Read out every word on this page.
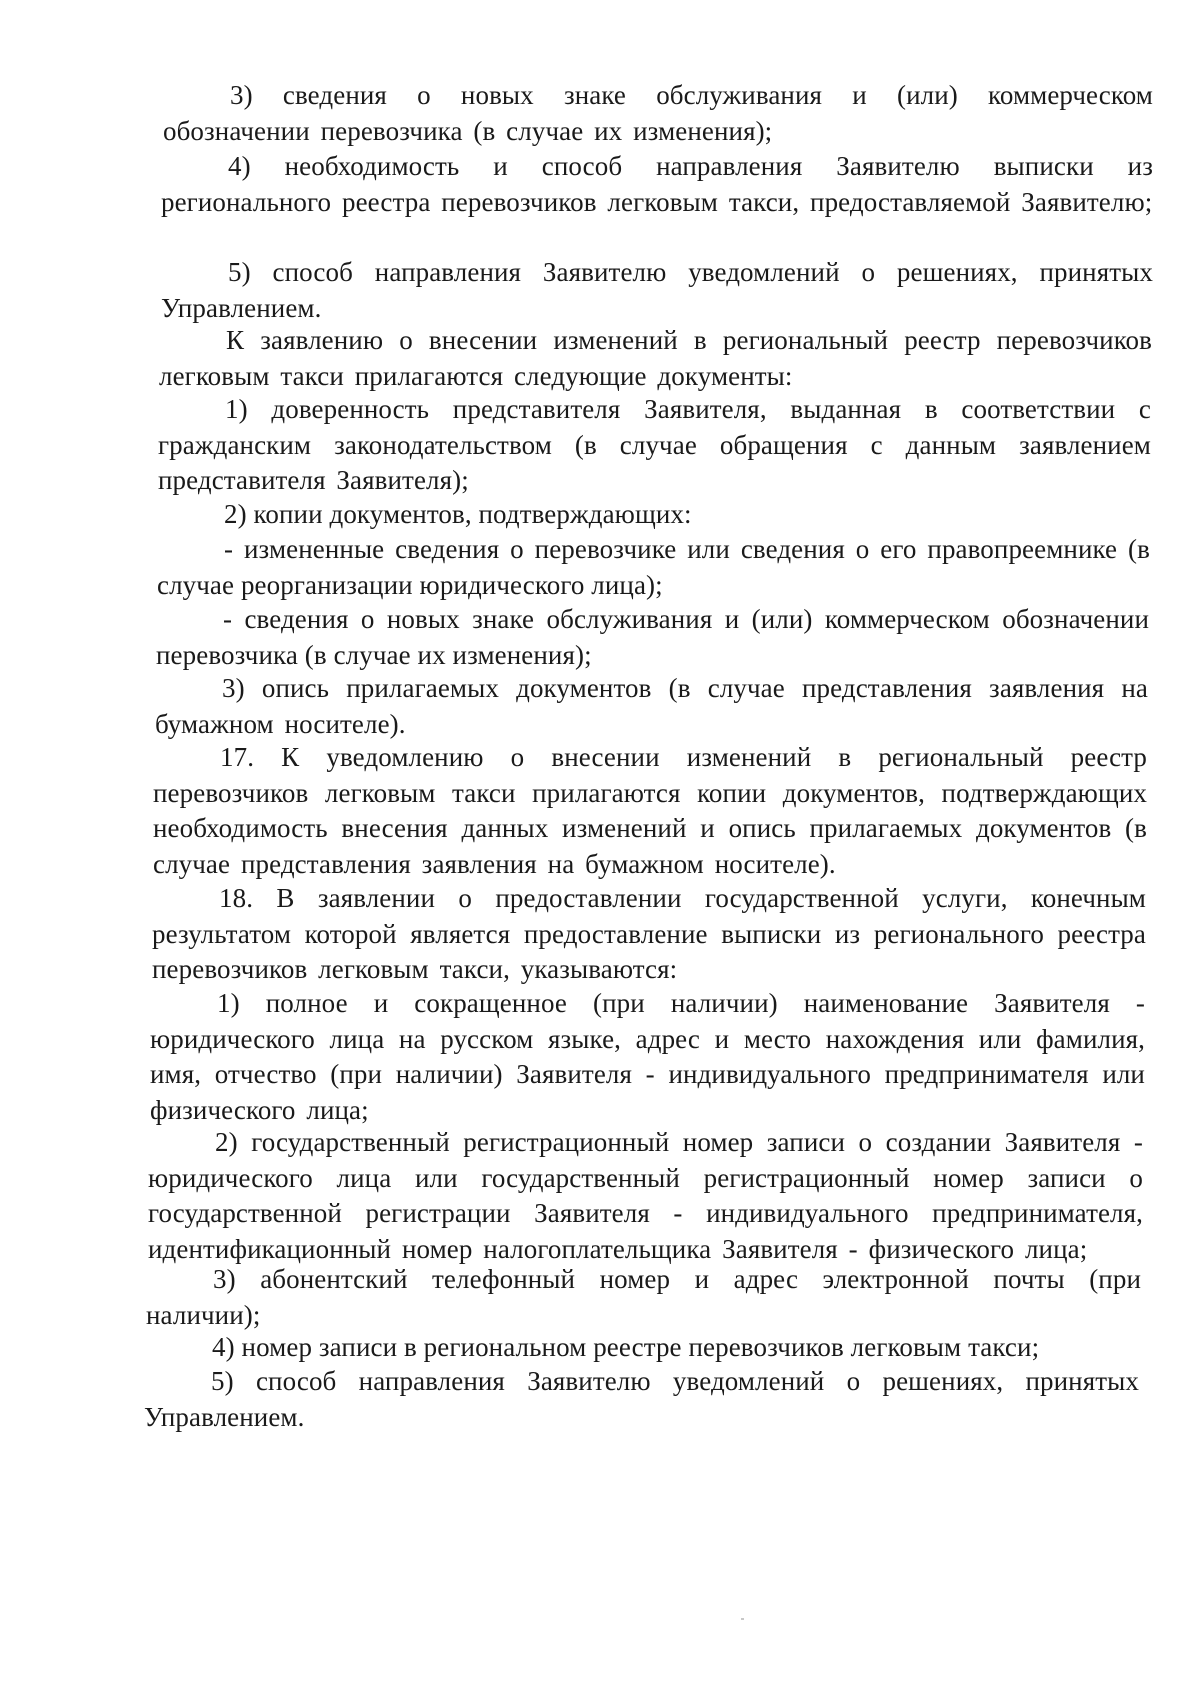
3) сведения о новых знаке обслуживания и (или) коммерческом обозначении перевозчика (в случае их изменения);

4) необходимость и способ направления Заявителю выписки из регионального реестра перевозчиков легковым такси, предоставляемой Заявителю;

5) способ направления Заявителю уведомлений о решениях, принятых Управлением.

К заявлению о внесении изменений в региональный реестр перевозчиков легковым такси прилагаются следующие документы:

1) доверенность представителя Заявителя, выданная в соответствии с гражданским законодательством (в случае обращения с данным заявлением представителя Заявителя);

2) копии документов, подтверждающих:

- измененные сведения о перевозчике или сведения о его правопреемнике (в случае реорганизации юридического лица);

- сведения о новых знаке обслуживания и (или) коммерческом обозначении перевозчика (в случае их изменения);

3) опись прилагаемых документов (в случае представления заявления на бумажном носителе).

17. К уведомлению о внесении изменений в региональный реестр перевозчиков легковым такси прилагаются копии документов, подтверждающих необходимость внесения данных изменений и опись прилагаемых документов (в случае представления заявления на бумажном носителе).

18. В заявлении о предоставлении государственной услуги, конечным результатом которой является предоставление выписки из регионального реестра перевозчиков легковым такси, указываются:

1) полное и сокращенное (при наличии) наименование Заявителя - юридического лица на русском языке, адрес и место нахождения или фамилия, имя, отчество (при наличии) Заявителя - индивидуального предпринимателя или физического лица;

2) государственный регистрационный номер записи о создании Заявителя - юридического лица или государственный регистрационный номер записи о государственной регистрации Заявителя - индивидуального предпринимателя, идентификационный номер налогоплательщика Заявителя - физического лица;

3) абонентский телефонный номер и адрес электронной почты (при наличии);

4) номер записи в региональном реестре перевозчиков легковым такси;

5) способ направления Заявителю уведомлений о решениях, принятых Управлением.
